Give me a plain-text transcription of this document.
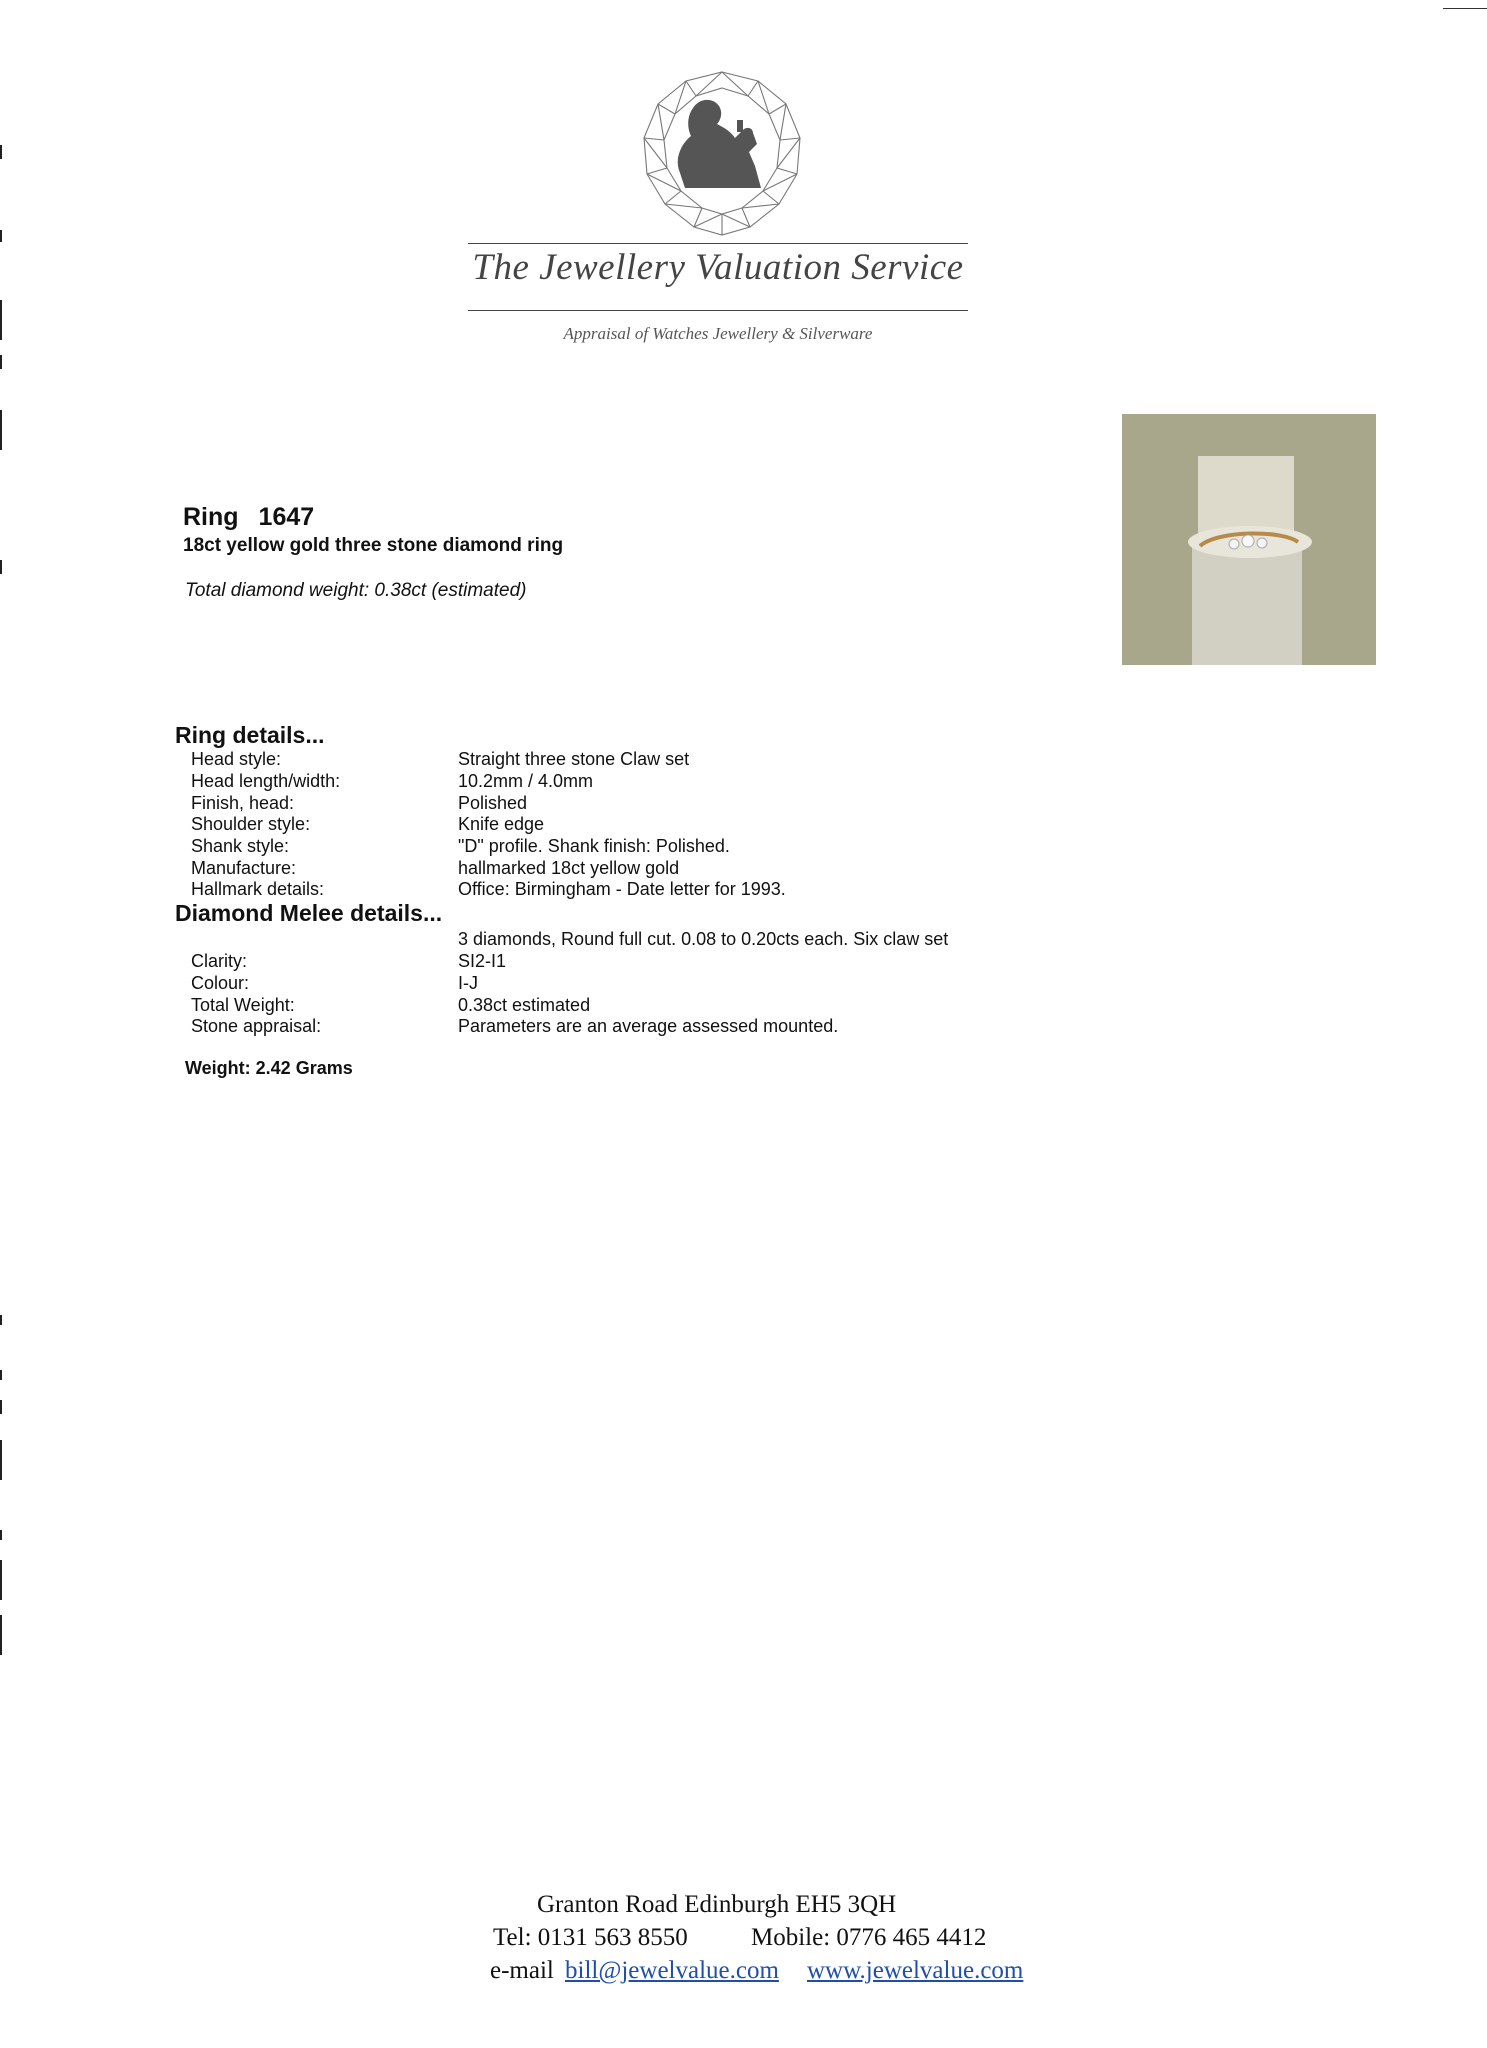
The Jewellery Valuation Service
Appraisal of Watches Jewellery & Silverware
Ring 1647
18ct yellow gold three stone diamond ring
Total diamond weight: 0.38ct (estimated)
Ring details...
Head style:	Straight three stone Claw set
Head length/width:	10.2mm / 4.0mm
Finish, head:	Polished
Shoulder style:	Knife edge
Shank style:	"D" profile. Shank finish: Polished.
Manufacture:	hallmarked 18ct yellow gold
Hallmark details:	Office: Birmingham - Date letter for 1993.
Diamond Melee details...
3 diamonds, Round full cut. 0.08 to 0.20cts each. Six claw set
Clarity:	SI2-I1
Colour:	I-J
Total Weight:	0.38ct estimated
Stone appraisal:	Parameters are an average assessed mounted.
Weight: 2.42 Grams
Granton Road Edinburgh EH5 3QH
Tel: 0131 563 8550	Mobile: 0776 465 4412
e-mail bill@jewelvalue.com www.jewelvalue.com
